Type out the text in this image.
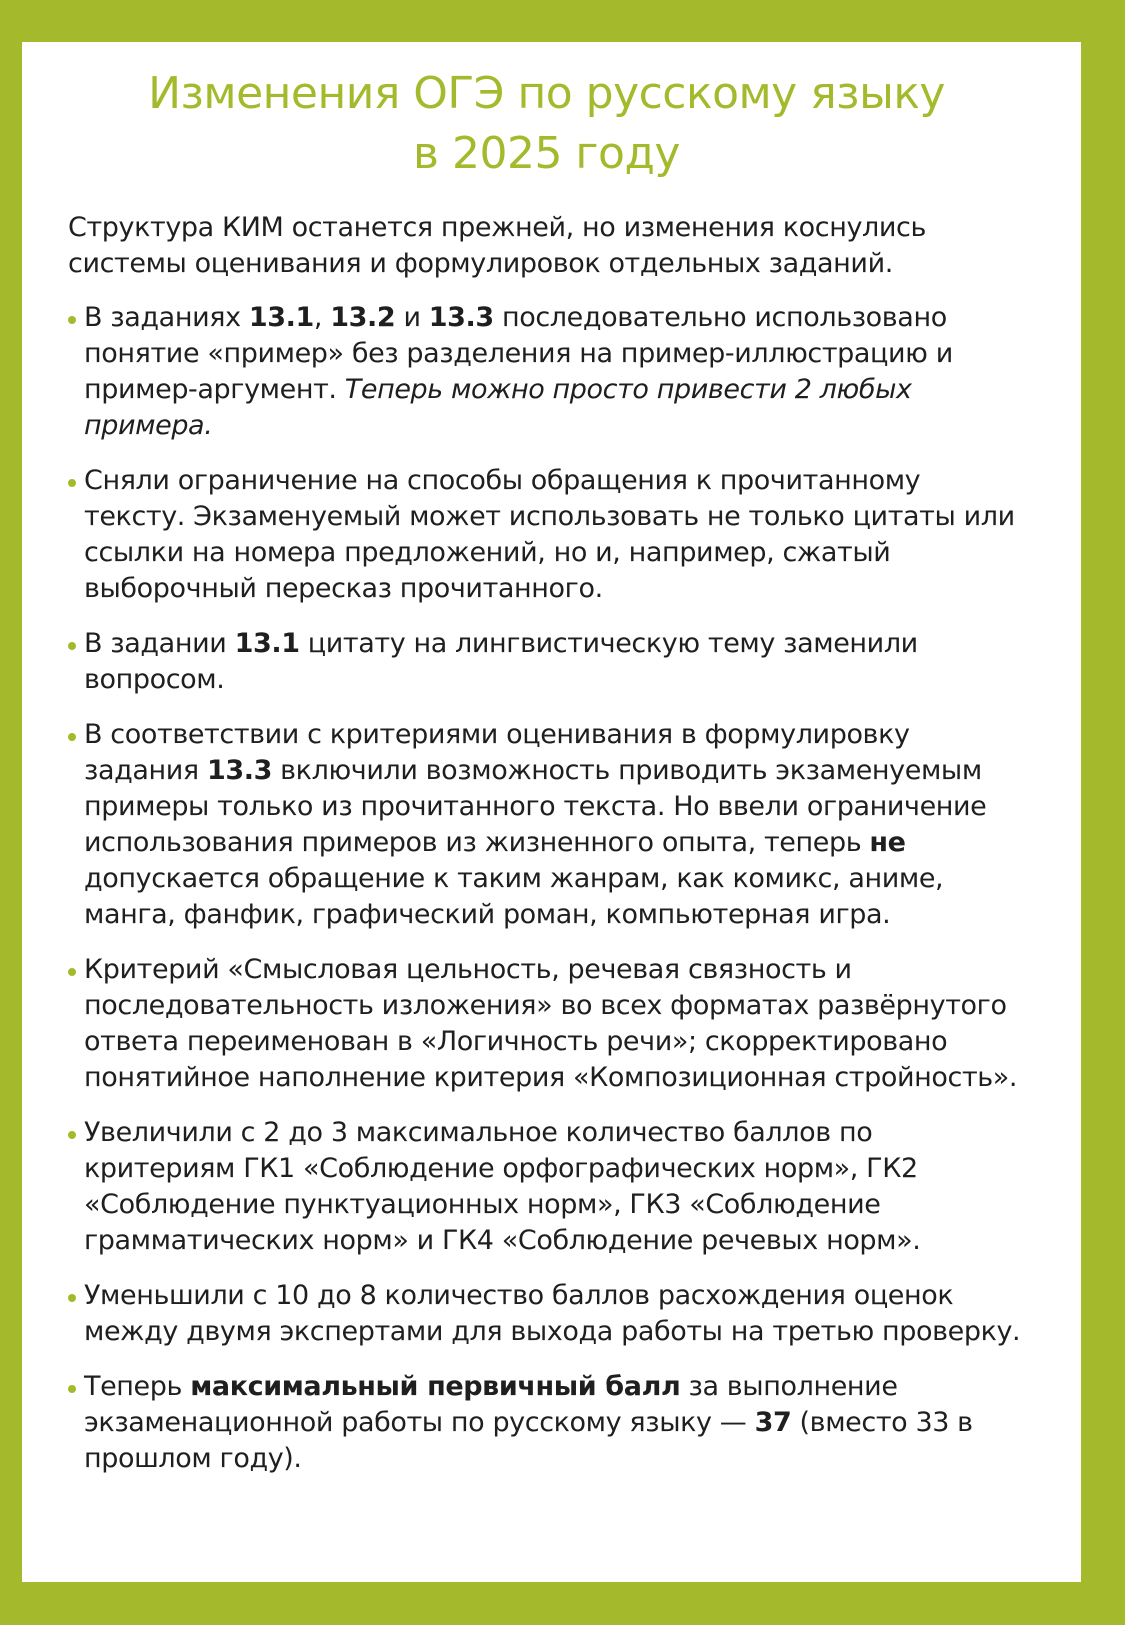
Изменения ОГЭ по русскому языку
в 2025 году

Структура КИМ останется прежней, но изменения коснулись системы оценивания и формулировок отдельных заданий.

В заданиях 13.1, 13.2 и 13.3 последовательно использовано понятие «пример» без разделения на пример-иллюстрацию и пример-аргумент. Теперь можно просто привести 2 любых примера.
Сняли ограничение на способы обращения к прочитанному тексту. Экзаменуемый может использовать не только цитаты или ссылки на номера предложений, но и, например, сжатый выборочный пересказ прочитанного.
В задании 13.1 цитату на лингвистическую тему заменили вопросом.
В соответствии с критериями оценивания в формулировку задания 13.3 включили возможность приводить экзаменуемым примеры только из прочитанного текста. Но ввели ограничение использования примеров из жизненного опыта, теперь не допускается обращение к таким жанрам, как комикс, аниме, манга, фанфик, графический роман, компьютерная игра.
Критерий «Смысловая цельность, речевая связность и последовательность изложения» во всех форматах развёрнутого ответа переименован в «Логичность речи»; скорректировано понятийное наполнение критерия «Композиционная стройность».
Увеличили с 2 до 3 максимальное количество баллов по критериям ГК1 «Соблюдение орфографических норм», ГК2 «Соблюдение пунктуационных норм», ГК3 «Соблюдение грамматических норм» и ГК4 «Соблюдение речевых норм».
Уменьшили с 10 до 8 количество баллов расхождения оценок между двумя экспертами для выхода работы на третью проверку.
Теперь максимальный первичный балл за выполнение экзаменационной работы по русскому языку — 37 (вместо 33 в прошлом году).
